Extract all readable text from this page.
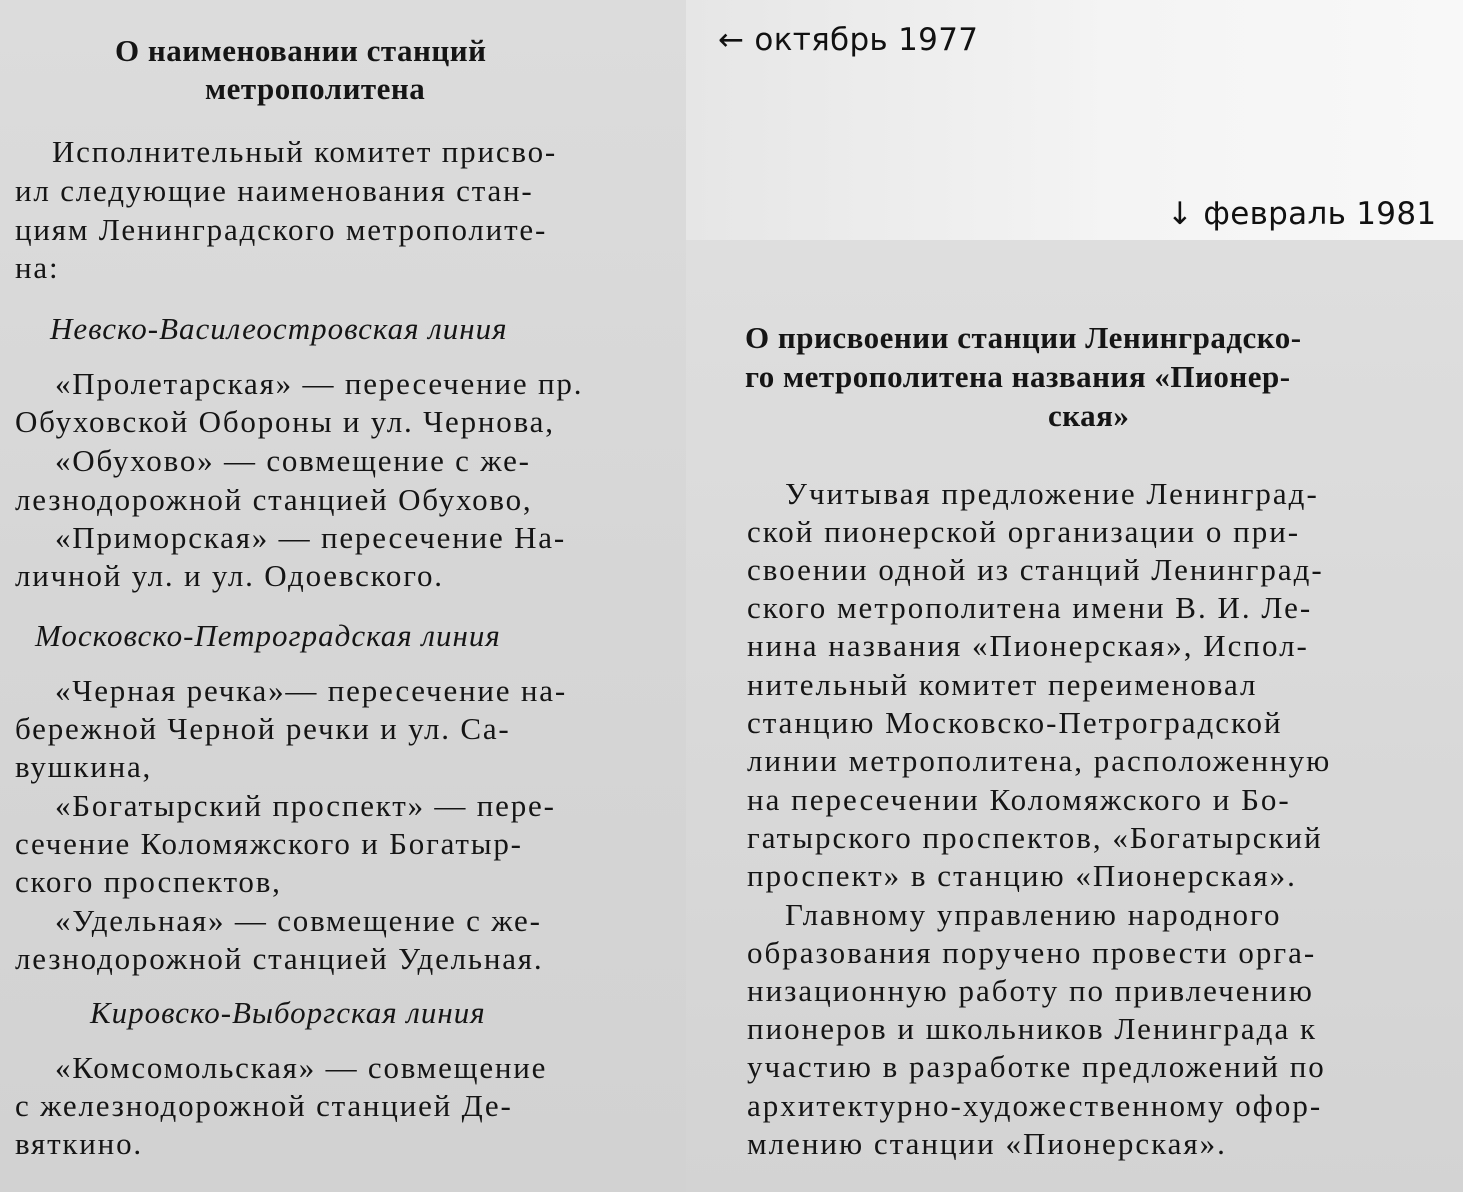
← октябрь 1977
↓ февраль 1981
О наименовании станций
метрополитена
Исполнительный комитет присво-
ил следующие наименования стан-
циям Ленинградского метрополите-
на:
Невско-Василеостровская линия
«Пролетарская» — пересечение пр.
Обуховской Обороны и ул. Чернова,
«Обухово» — совмещение с же-
лезнодорожной станцией Обухово,
«Приморская» — пересечение На-
личной ул. и ул. Одоевского.
Московско-Петроградская линия
«Черная речка»— пересечение на-
бережной Черной речки и ул. Са-
вушкина,
«Богатырский проспект» — пере-
сечение Коломяжского и Богатыр-
ского проспектов,
«Удельная» — совмещение с же-
лезнодорожной станцией Удельная.
Кировско-Выборгская линия
«Комсомольская» — совмещение
с железнодорожной станцией Де-
вяткино.
О присвоении станции Ленинградско-
го метрополитена названия «Пионер-
ская»
Учитывая предложение Ленинград-
ской пионерской организации о при-
своении одной из станций Ленинград-
ского метрополитена имени В. И. Ле-
нина названия «Пионерская», Испол-
нительный комитет переименовал
станцию Московско-Петроградской
линии метрополитена, расположенную
на пересечении Коломяжского и Бо-
гатырского проспектов, «Богатырский
проспект» в станцию «Пионерская».
Главному управлению народного
образования поручено провести орга-
низационную работу по привлечению
пионеров и школьников Ленинграда к
участию в разработке предложений по
архитектурно-художественному офор-
млению станции «Пионерская».
